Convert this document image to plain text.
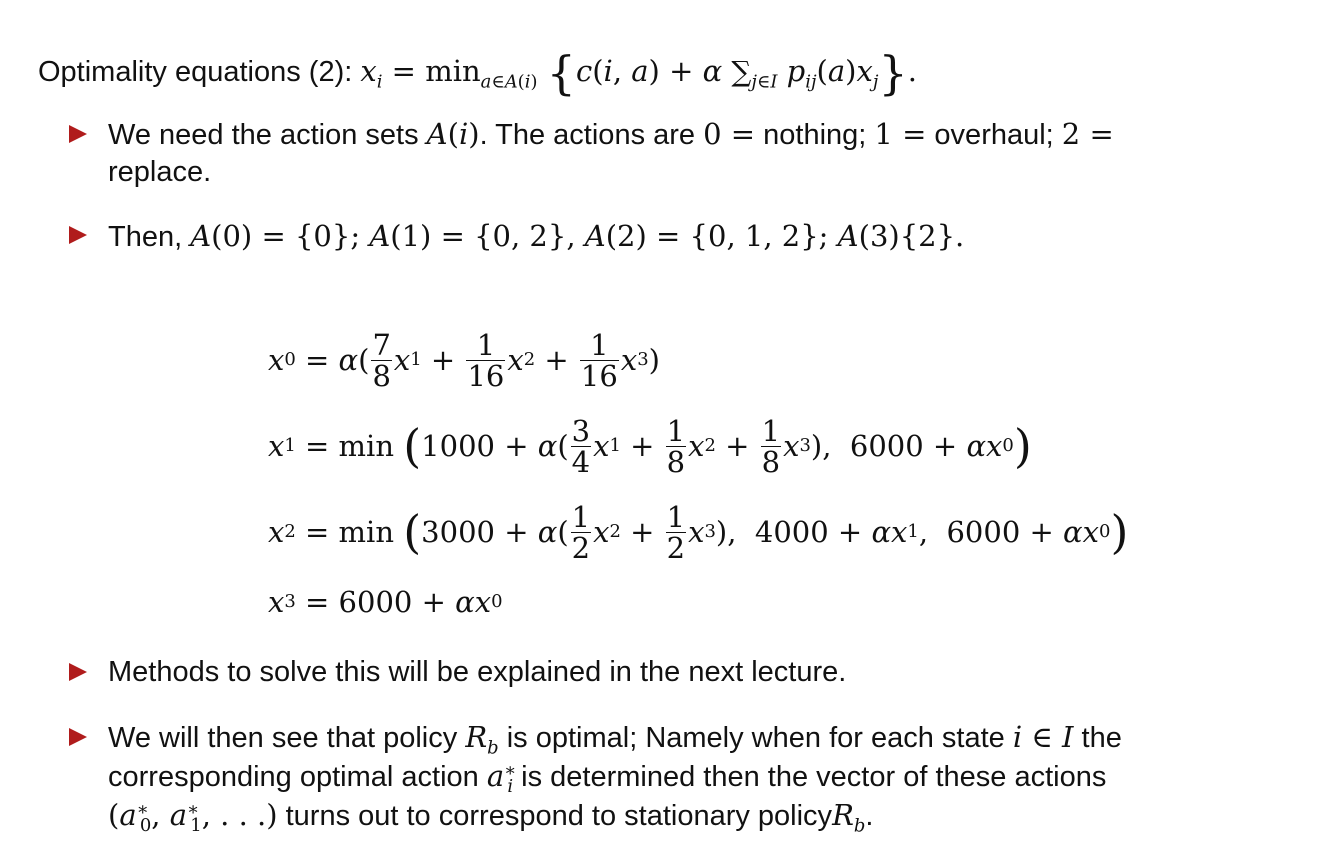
Optimality equations (2): $x_i = \min_{a\in A(i)} \{c(i$, a) + α $\sum_{j\in I}$ $p_{ij}(a)x_j$}.
We need the action sets A(i). The actions are 0 = nothing; 1 = overhaul; 2 =
replace.
Then, A(0) = {0}; A(1) = {0, 2}, A(2) = {0, 1, 2}; A(3){2}.
x 0 = α ( $\frac{7}{8}$ x $1 + \frac{1}{16}$ x $2 + \frac{1}{16}$ x 3 )
x 1 = min
( 1000 + α ( $\frac{3}{4}$ x $1 + \frac{1}{8}$ x $2 + \frac{1}{8}$ x 3 ), 6000 + αx 0 )
x 2 = min
( 3000 + α ( $\frac{1}{2}$ x $2 + \frac{1}{2}$ x 3 ), 4000 + αx 1 , 6000 + αx 0 )
x 3 = 6000 + αx 0
Methods to solve this will be explained in the next lecture.
We will then see that policy $R_b$ is optimal; Namely when for each state i ∈ I the
corresponding optimal action $a^∗_i$ is determined then the vector of these actions
($a^∗_0$, $a^∗_1$, . . .) turns out to correspond to stationary policyR$_b$.
